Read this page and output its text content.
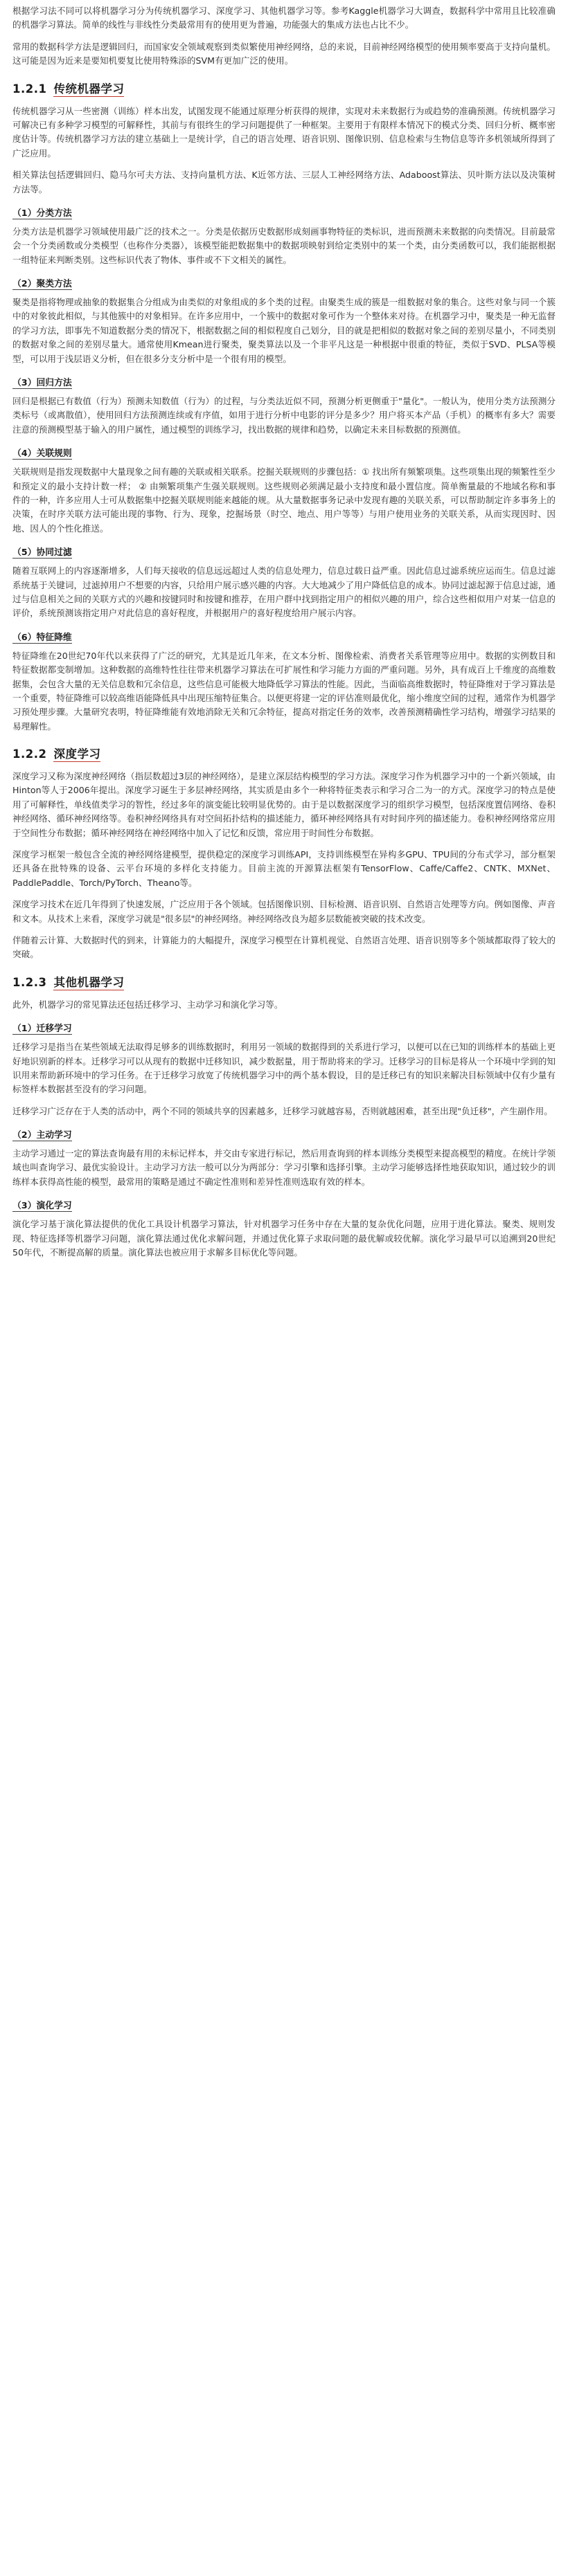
根据学习法不同可以将机器学习分为传统机器学习、深度学习、其他机器学习等。参考Kaggle机器学习大调查，数据科学中常用且比较准确的机器学习算法。简单的线性与非线性分类最常用有的使用更为普遍，功能强大的集成方法也占比不少。

常用的数据科学方法是逻辑回归，而国家安全领域观察到类似繁使用神经网络，总的来说，目前神经网络模型的使用频率要高于支持向量机。这可能是因为近来是要知机要复比使用特殊添的SVM有更加广泛的使用。

1.2.1 传统机器学习

传统机器学习从一些密测（训练）样本出发，试图发现不能通过原理分析获得的规律，实现对未来数据行为或趋势的准确预测。传统机器学习可解决已有多种学习模型的可解释性，其前与有很终生的学习问题提供了一种框架。主要用于有限样本情况下的模式分类、回归分析、概率密度估计等。传统机器学习方法的建立基础上一是统计学，自己的语言处理、语音识别、图像识别、信息检索与生物信息等许多机领域所得到了广泛应用。

相关算法包括逻辑回归、隐马尔可夫方法、支持向量机方法、K近邻方法、三层人工神经网络方法、Adaboost算法、贝叶斯方法以及决策树方法等。

（1）分类方法

分类方法是机器学习领域使用最广泛的技术之一。分类是依据历史数据形成刻画事物特征的类标识，进而预测未来数据的向类情况。目前最常会一个分类函数或分类模型（也称作分类器），该模型能把数据集中的数据项映射到给定类别中的某一个类，由分类函数可以，我们能据根据一组特征来判断类别。这些标识代表了物体、事件或不下文相关的属性。

（2）聚类方法

聚类是指将物理或抽象的数据集合分组成为由类似的对象组成的多个类的过程。由聚类生成的簇是一组数据对象的集合。这些对象与同一个簇中的对象彼此相似，与其他簇中的对象相异。在许多应用中，一个簇中的数据对象可作为一个整体来对待。在机器学习中，聚类是一种无监督的学习方法，即事先不知道数据分类的情况下，根据数据之间的相似程度自己划分，目的就是把相似的数据对象之间的差别尽量小，不同类别的数据对象之间的差别尽量大。通常使用Kmean进行聚类，聚类算法以及一个非平凡这是一种根据中很重的特征，类似于SVD、PLSA等模型，可以用于浅层语义分析，但在很多分支分析中是一个很有用的模型。

（3）回归方法

回归是根据已有数值（行为）预测未知数值（行为）的过程，与分类法近似不同，预测分析更侧重于"量化"。一般认为，使用分类方法预测分类标号（或离散值），使用回归方法预测连续或有序值，如用于进行分析中电影的评分是多少？用户将买本产品（手机）的概率有多大？需要注意的预测模型基于输入的用户属性，通过模型的训练学习，找出数据的规律和趋势，以确定未来目标数据的预测值。

（4）关联规则

关联规则是指发现数据中大量现象之间有趣的关联或相关联系。挖掘关联规则的步骤包括：① 找出所有频繁项集。这些项集出现的频繁性至少和预定义的最小支持计数一样； ② 由频繁项集产生强关联规则。这些规则必须满足最小支持度和最小置信度。简单衡量最的不地域名称和事件的一种，许多应用人士可从数据集中挖掘关联规则能来越能的规。从大量数据事务记录中发现有趣的关联关系，可以帮助制定许多事务上的决策，在时序关联方法可能出现的事物、行为、现象，挖掘场景（时空、地点、用户等等）与用户使用业务的关联关系，从而实现因时、因地、因人的个性化推送。

（5）协同过滤

随着互联网上的内容逐渐增多，人们每天接收的信息远远超过人类的信息处理力，信息过载日益严重。因此信息过滤系统应运而生。信息过滤系统基于关键词，过滤掉用户不想要的内容，只给用户展示感兴趣的内容。大大地减少了用户降低信息的成本。协同过滤起源于信息过滤，通过与信息相关之间的关联方式的兴趣和按键同时和按键和推荐，在用户群中找到指定用户的相似兴趣的用户，综合这些相似用户对某一信息的评价，系统预测该指定用户对此信息的喜好程度，并根据用户的喜好程度给用户展示内容。

（6）特征降维

特征降维在20世纪70年代以来获得了广泛的研究，尤其是近几年来，在文本分析、图像检索、消费者关系管理等应用中。数据的实例数目和特征数据都变制增加。这种数据的高维特性往往带来机器学习算法在可扩展性和学习能力方面的严重问题。另外，具有成百上千维度的高维数据集，会包含大量的无关信息数和冗余信息，这些信息可能极大地降低学习算法的性能。因此，当面临高维数据时，特征降维对于学习算法是一个重要，特征降维可以较高维语能降低具中出现压缩特征集合。以便更将建一定的评估准则最优化，缩小维度空间的过程，通常作为机器学习预处理步骤。大量研究表明，特征降维能有效地消除无关和冗余特征，提高对指定任务的效率，改善预测精确性学习结构，增强学习结果的易理解性。

1.2.2 深度学习

深度学习又称为深度神经网络（指层数超过3层的神经网络），是建立深层结构模型的学习方法。深度学习作为机器学习中的一个新兴领域，由Hinton等人于2006年提出。深度学习诞生于多层神经网络，其实质是由多个一种将特征类表示和学习合二为一的方式。深度学习的特点是使用了可解释性，单线值类学习的智性，经过多年的演变能比较明显优势的。由于是以数据深度学习的组织学习模型，包括深度置信网络、卷积神经网络、循环神经网络等。卷积神经网络具有对空间拓扑结构的描述能力，循环神经网络具有对时间序列的描述能力。卷积神经网络常应用于空间性分布数据；循环神经网络在神经网络中加入了记忆和反馈，常应用于时间性分布数据。

深度学习框架一般包含全流的神经网络建模型，提供稳定的深度学习训练API，支持训练模型在异构多GPU、TPU间的分布式学习，部分框架还具备在批特殊的设备、云平台环境的多样化支持能力。目前主流的开源算法框架有TensorFlow、Caffe/Caffe2、CNTK、MXNet、PaddlePaddle、Torch/PyTorch、Theano等。

深度学习技术在近几年得到了快速发展，广泛应用于各个领域。包括图像识别、目标检测、语音识别、自然语言处理等方向。例如图像、声音和文本。从技术上来看，深度学习就是"很多层"的神经网络。神经网络改良为超多层数能被突破的技术改变。

伴随着云计算、大数据时代的到来，计算能力的大幅提升，深度学习模型在计算机视觉、自然语言处理、语音识别等多个领域都取得了较大的突破。

1.2.3 其他机器学习

此外，机器学习的常见算法还包括迁移学习、主动学习和演化学习等。

（1）迁移学习

迁移学习是指当在某些领域无法取得足够多的训练数据时，利用另一领域的数据得到的关系进行学习，以便可以在已知的训练样本的基础上更好地识别新的样本。迁移学习可以从现有的数据中迁移知识，减少数据量，用于帮助将来的学习。迁移学习的目标是将从一个环境中学到的知识用来帮助新环境中的学习任务。在于迁移学习放宽了传统机器学习中的两个基本假设，目的是迁移已有的知识来解决目标领域中仅有少量有标签样本数据甚至没有的学习问题。

迁移学习广泛存在于人类的活动中，两个不同的领域共享的因素越多，迁移学习就越容易，否则就越困难，甚至出现"负迁移"，产生副作用。

（2）主动学习

主动学习通过一定的算法查询最有用的未标记样本，并交由专家进行标记，然后用查询到的样本训练分类模型来提高模型的精度。在统计学领域也叫查询学习、最优实验设计。主动学习方法一般可以分为两部分：学习引擎和选择引擎。主动学习能够选择性地获取知识，通过较少的训练样本获得高性能的模型，最常用的策略是通过不确定性准则和差异性准则选取有效的样本。

（3）演化学习

演化学习基于演化算法提供的优化工具设计机器学习算法，针对机器学习任务中存在大量的复杂优化问题，应用于进化算法。聚类、规则发现、特征选择等机器学习问题，演化算法通过优化求解问题，并通过优化算子求取问题的最优解或较优解。演化学习最早可以追溯到20世纪50年代，不断提高解的质量。演化算法也被应用于求解多目标优化等问题。
